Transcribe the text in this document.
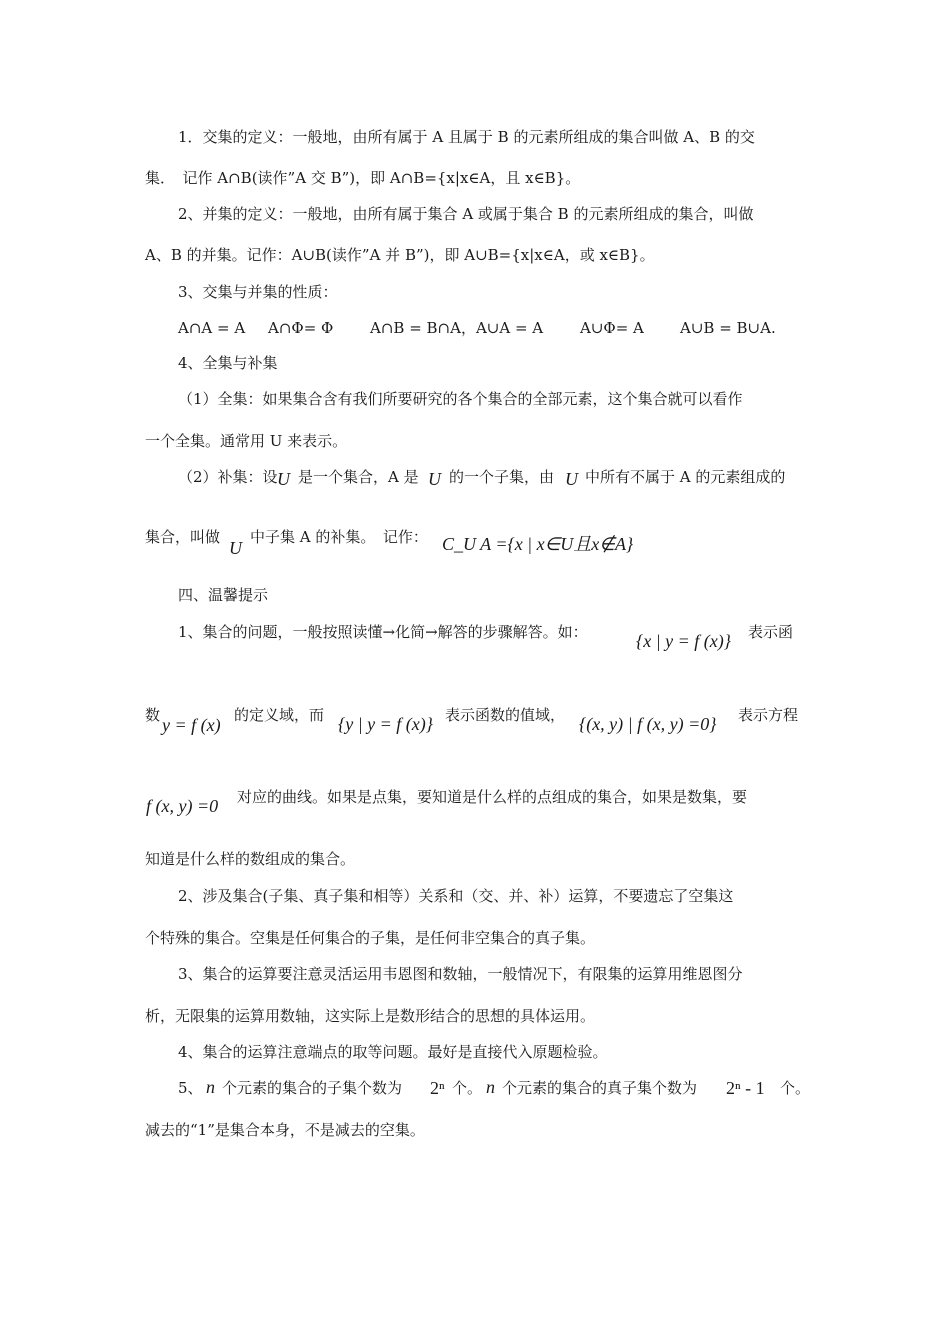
1．交集的定义：一般地，由所有属于 A 且属于 B 的元素所组成的集合叫做 A、B 的交
集．　记作 A∩B(读作”A 交 B”)，即 A∩B={x|x∈A，且 x∈B}。
2、并集的定义：一般地，由所有属于集合 A 或属于集合 B 的元素所组成的集合，叫做
A、B 的并集。记作：A∪B(读作”A 并 B”)，即 A∪B={x|x∈A，或 x∈B}。
3、交集与并集的性质：
A∩A = A A∩Φ= Φ A∩B = B∩A，A∪A = A A∪Φ= A A∪B = B∪A.
4、全集与补集
（1）全集：如果集合含有我们所要研究的各个集合的全部元素，这个集合就可以看作
一个全集。通常用 U 来表示。
（2）补集：设 U 是一个集合，A 是 U 的一个子集，由 U 中所有不属于 A 的元素组成的
集合，叫做
U
中子集 A 的补集。　记作： C_U A ={x | x∈U且x∉A}
四、温馨提示
1、集合的问题，一般按照读懂→化简→解答的步骤解答。如：	{x | y = f (x)} 表示函
数 y = f (x) 的定义域，而 {y | y = f (x)} 表示函数的值域， {(x, y) | f (x, y) =0} 表示方程
f (x, y) =0 对应的曲线。如果是点集，要知道是什么样的点组成的集合，如果是数集，要
知道是什么样的数组成的集合。
2、涉及集合(子集、真子集和相等）关系和（交、并、补）运算，不要遗忘了空集这
个特殊的集合。空集是任何集合的子集，是任何非空集合的真子集。
3、集合的运算要注意灵活运用韦恩图和数轴，一般情况下，有限集的运算用维恩图分
析，无限集的运算用数轴，这实际上是数形结合的思想的具体运用。
4、集合的运算注意端点的取等问题。最好是直接代入原题检验。
5、 n 个元素的集合的子集个数为 2ⁿ 个。 n 个元素的集合的真子集个数为 2ⁿ - 1 个。
减去的“1”是集合本身，不是减去的空集。
